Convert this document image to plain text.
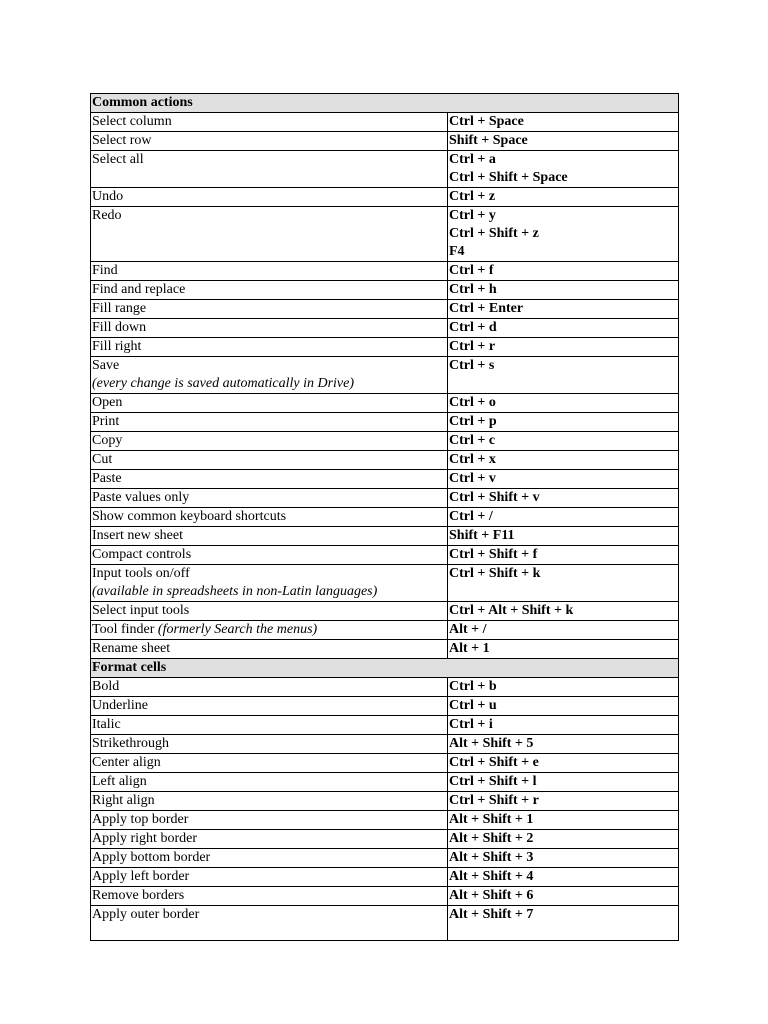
Common actions	
Select column	Ctrl + Space

Select row	Shift + Space

Select all	Ctrl + a
Ctrl + Shift + Space

Undo	Ctrl + z

Redo	Ctrl + y
Ctrl + Shift + z
F4

Find	Ctrl + f

Find and replace	Ctrl + h

Fill range	Ctrl + Enter

Fill down	Ctrl + d

Fill right	Ctrl + r

Save
(every change is saved automatically in Drive)	Ctrl + s

Open	Ctrl + o

Print	Ctrl + p

Copy	Ctrl + c

Cut	Ctrl + x

Paste	Ctrl + v

Paste values only	Ctrl + Shift + v

Show common keyboard shortcuts	Ctrl + /

Insert new sheet	Shift + F11

Compact controls	Ctrl + Shift + f

Input tools on/off
(available in spreadsheets in non-Latin languages)	Ctrl + Shift + k

Select input tools	Ctrl + Alt + Shift + k

Tool finder (formerly Search the menus)	Alt + /

Rename sheet	Alt + 1

Format cells	
Bold	Ctrl + b

Underline	Ctrl + u

Italic	Ctrl + i

Strikethrough	Alt + Shift + 5

Center align	Ctrl + Shift + e

Left align	Ctrl + Shift + l

Right align	Ctrl + Shift + r

Apply top border	Alt + Shift + 1

Apply right border	Alt + Shift + 2

Apply bottom border	Alt + Shift + 3

Apply left border	Alt + Shift + 4

Remove borders	Alt + Shift + 6

Apply outer border	Alt + Shift + 7
